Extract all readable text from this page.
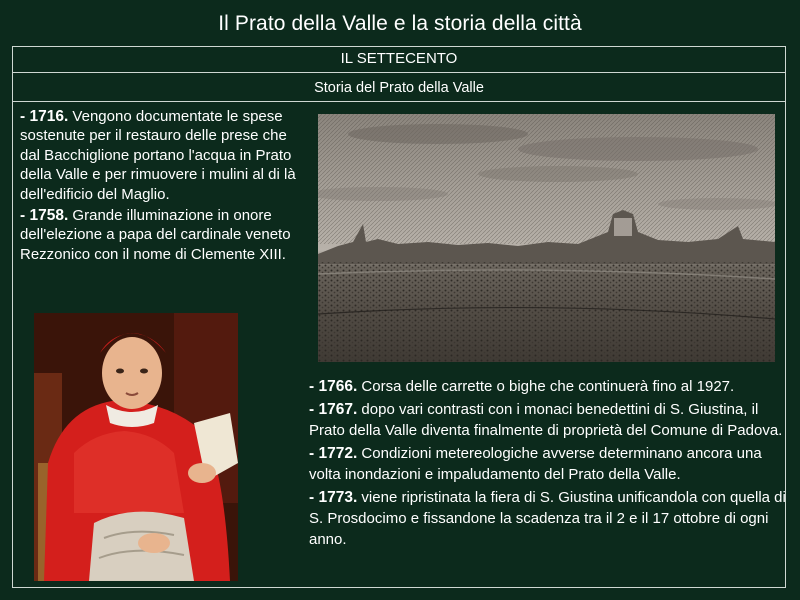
Il Prato della Valle e la storia della città
IL SETTECENTO
Storia del Prato della Valle

- 1716. Vengono documentate le spese sostenute per il restauro delle prese che dal Bacchiglione portano l'acqua in Prato della Valle e per rimuovere i mulini al di là dell'edificio del Maglio.

- 1758. Grande illuminazione in onore dell'elezione a papa del cardinale veneto Rezzonico con il nome di Clemente XIII.

- 1766. Corsa delle carrette o bighe che continuerà fino al 1927.

- 1767. dopo vari contrasti con i monaci benedettini di S. Giustina, il Prato della Valle diventa finalmente di proprietà del Comune di Padova.

- 1772. Condizioni metereologiche avverse determinano ancora una volta inondazioni e impaludamento del Prato della Valle.

- 1773. viene ripristinata la fiera di S. Giustina unificandola con quella di S. Prosdocimo e fissandone la scadenza tra il 2 e il 17 ottobre di ogni anno.
